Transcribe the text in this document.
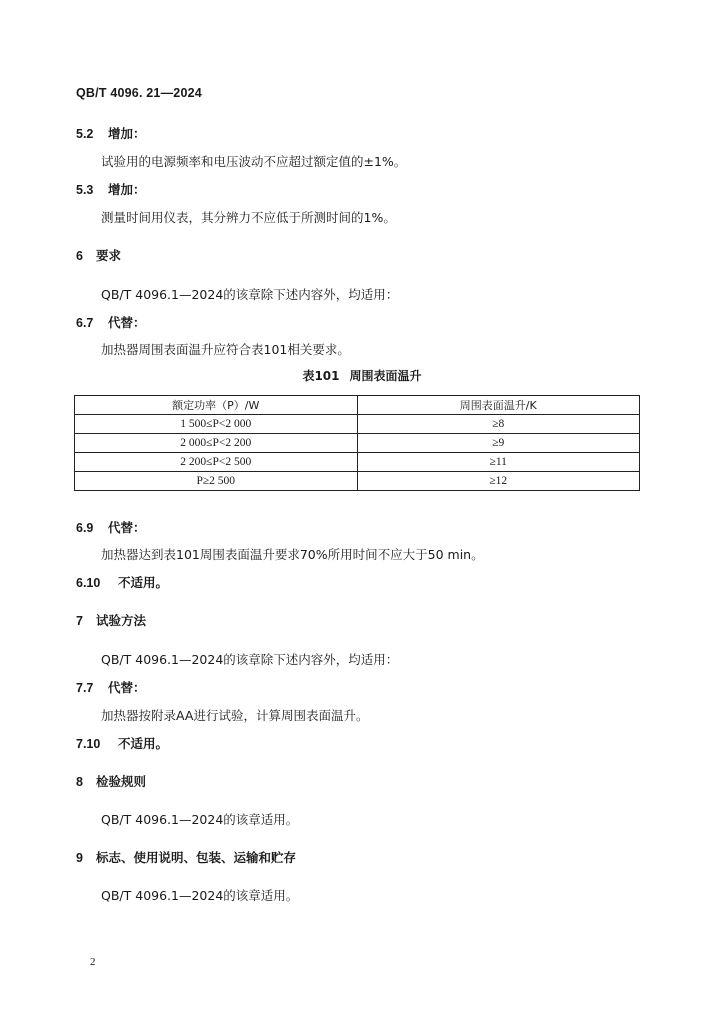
QB/T 4096. 21—2024
5.2 增加：
试验用的电源频率和电压波动不应超过额定值的±1%。
5.3 增加：
测量时间用仪表，其分辨力不应低于所测时间的1%。
6 要求
QB/T 4096.1—2024的该章除下述内容外，均适用：
6.7 代替：
加热器周围表面温升应符合表101相关要求。
表101 周围表面温升
额定功率（P）/W	周围表面温升/K
1 500≤P<2 000	≥8
2 000≤P<2 200	≥9
2 200≤P<2 500	≥11
P≥2 500	≥12
6.9 代替：
加热器达到表101周围表面温升要求70%所用时间不应大于50 min。
6.10 不适用。
7 试验方法
QB/T 4096.1—2024的该章除下述内容外，均适用：
7.7 代替：
加热器按附录AA进行试验，计算周围表面温升。
7.10 不适用。
8 检验规则
QB/T 4096.1—2024的该章适用。
9 标志、使用说明、包装、运输和贮存
QB/T 4096.1—2024的该章适用。
2
